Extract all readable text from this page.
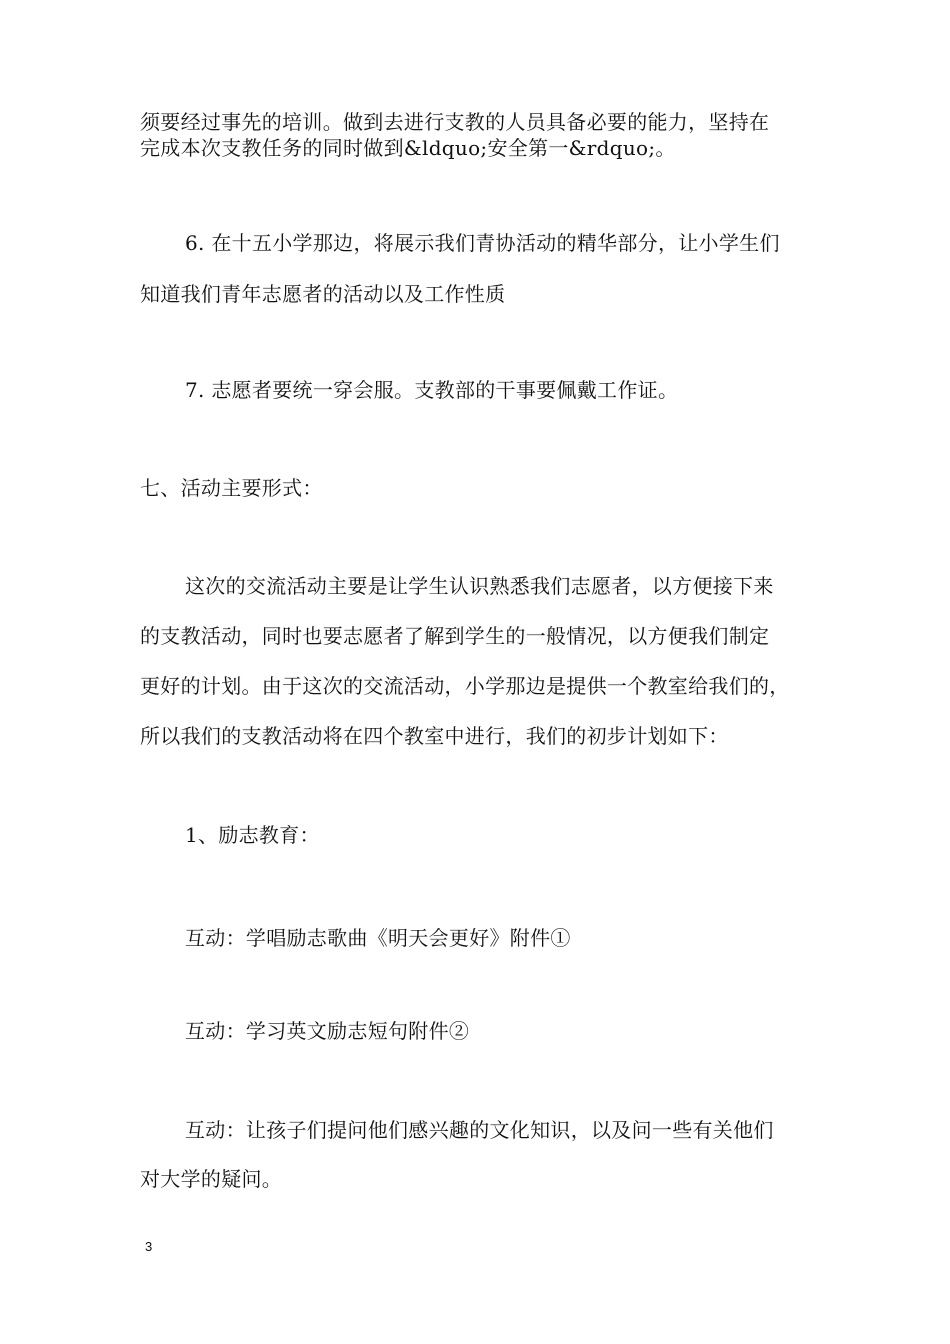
须要经过事先的培训。做到去进行支教的人员具备必要的能力，坚持在
完成本次支教任务的同时做到&ldquo;安全第一&rdquo;。
6. 在十五小学那边，将展示我们青协活动的精华部分，让小学生们
知道我们青年志愿者的活动以及工作性质
7. 志愿者要统一穿会服。支教部的干事要佩戴工作证。
七、活动主要形式：
这次的交流活动主要是让学生认识熟悉我们志愿者，以方便接下来
的支教活动，同时也要志愿者了解到学生的一般情况，以方便我们制定
更好的计划。由于这次的交流活动，小学那边是提供一个教室给我们的，
所以我们的支教活动将在四个教室中进行，我们的初步计划如下：
1、励志教育：
互动：学唱励志歌曲《明天会更好》附件①
互动：学习英文励志短句附件②
互动：让孩子们提问他们感兴趣的文化知识，以及问一些有关他们
对大学的疑问。
3
